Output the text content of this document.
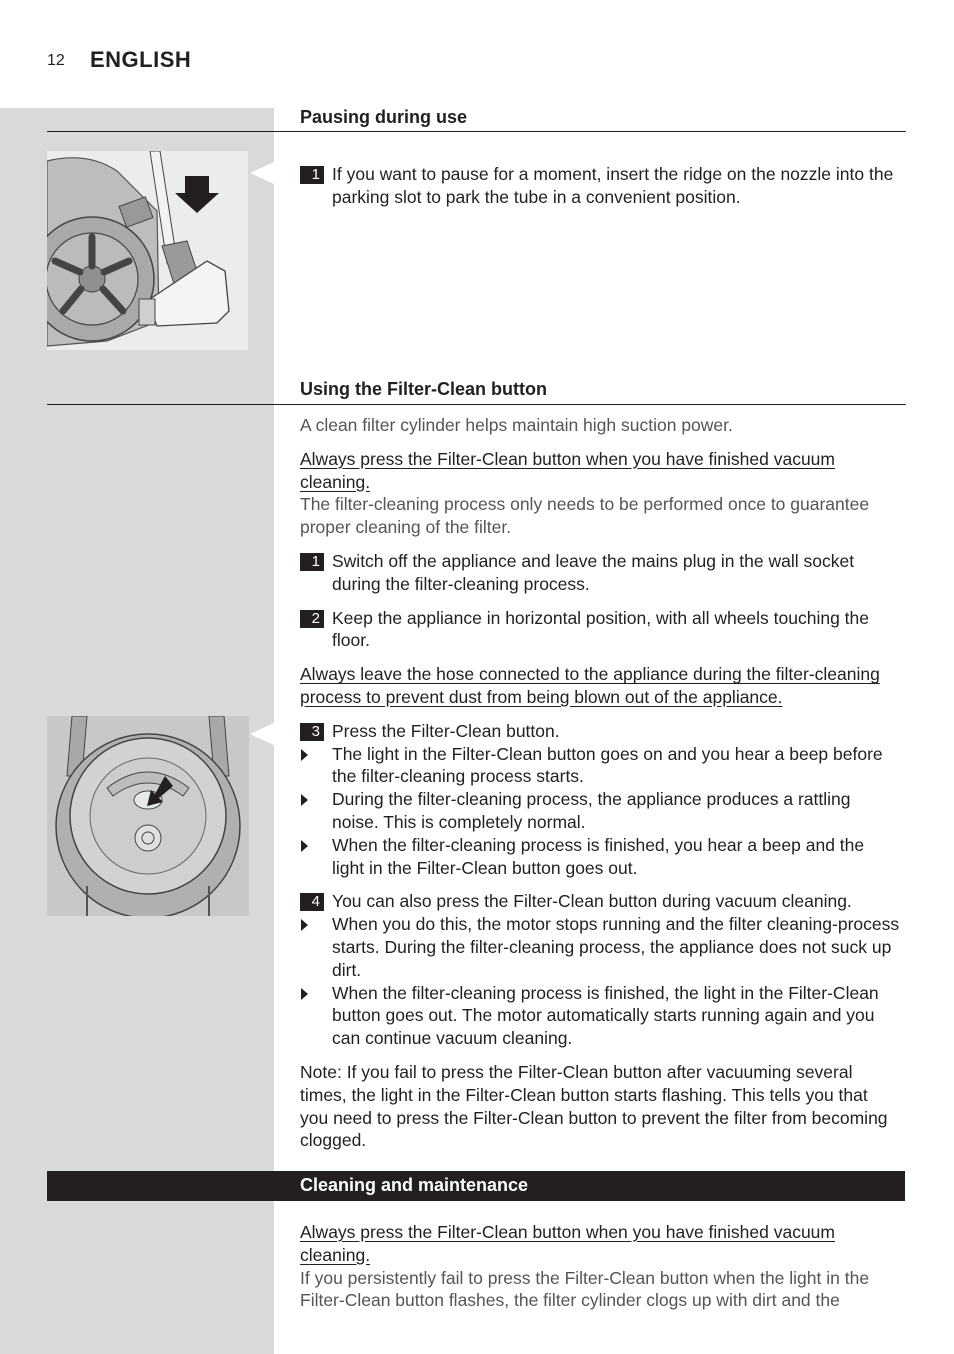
12 ENGLISH
Pausing during use
1 If you want to pause for a moment, insert the ridge on the nozzle into the parking slot to park the tube in a convenient position.
Using the Filter-Clean button

A clean filter cylinder helps maintain high suction power.

Always press the Filter-Clean button when you have finished vacuum cleaning.

The filter-cleaning process only needs to be performed once to guarantee proper cleaning of the filter.

1 Switch off the appliance and leave the mains plug in the wall socket during the filter-cleaning process.
2 Keep the appliance in horizontal position, with all wheels touching the floor.

Always leave the hose connected to the appliance during the filter-cleaning process to prevent dust from being blown out of the appliance.

3 Press the Filter-Clean button.
The light in the Filter-Clean button goes on and you hear a beep before the filter-cleaning process starts.
During the filter-cleaning process, the appliance produces a rattling noise. This is completely normal.
When the filter-cleaning process is finished, you hear a beep and the light in the Filter-Clean button goes out.
4 You can also press the Filter-Clean button during vacuum cleaning.
When you do this, the motor stops running and the filter cleaning-process starts. During the filter-cleaning process, the appliance does not suck up dirt.
When the filter-cleaning process is finished, the light in the Filter-Clean button goes out. The motor automatically starts running again and you can continue vacuum cleaning.

Note: If you fail to press the Filter-Clean button after vacuuming several times, the light in the Filter-Clean button starts flashing. This tells you that you need to press the Filter-Clean button to prevent the filter from becoming clogged.

Cleaning and maintenance

Always press the Filter-Clean button when you have finished vacuum cleaning.

If you persistently fail to press the Filter-Clean button when the light in the Filter-Clean button flashes, the filter cylinder clogs up with dirt and the
